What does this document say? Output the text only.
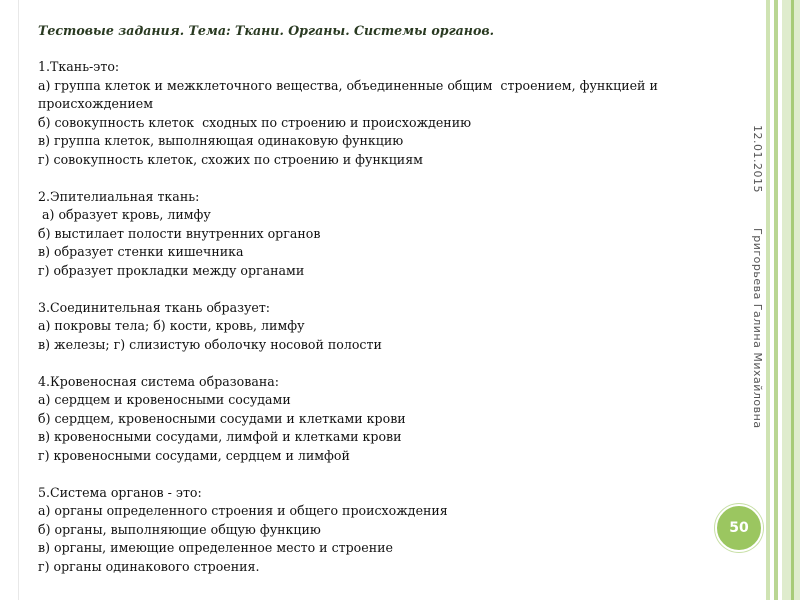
Тестовые задания. Тема: Ткани. Органы. Системы органов.

1.Ткань-это:

а) группа клеток и межклеточного вещества, объединенные общим  строением, функцией и

происхождением

б) совокупность клеток  сходных по строению и происхождению

в) группа клеток, выполняющая одинаковую функцию

г) совокупность клеток, схожих по строению и функциям

2.Эпителиальная ткань:

а) образует кровь, лимфу

б) выстилает полости внутренних органов

в) образует стенки кишечника

г) образует прокладки между органами

3.Соединительная ткань образует:

а) покровы тела; б) кости, кровь, лимфу

в) железы; г) слизистую оболочку носовой полости

4.Кровеносная система образована:

а) сердцем и кровеносными сосудами

б) сердцем, кровеносными сосудами и клетками крови

в) кровеносными сосудами, лимфой и клетками крови

г) кровеносными сосудами, сердцем и лимфой

5.Система органов - это:

а) органы определенного строения и общего происхождения

б) органы, выполняющие общую функцию

в) органы, имеющие определенное место и строение

г) органы одинакового строения.

12.01.2015
Григорьева Галина Михайловна
50
